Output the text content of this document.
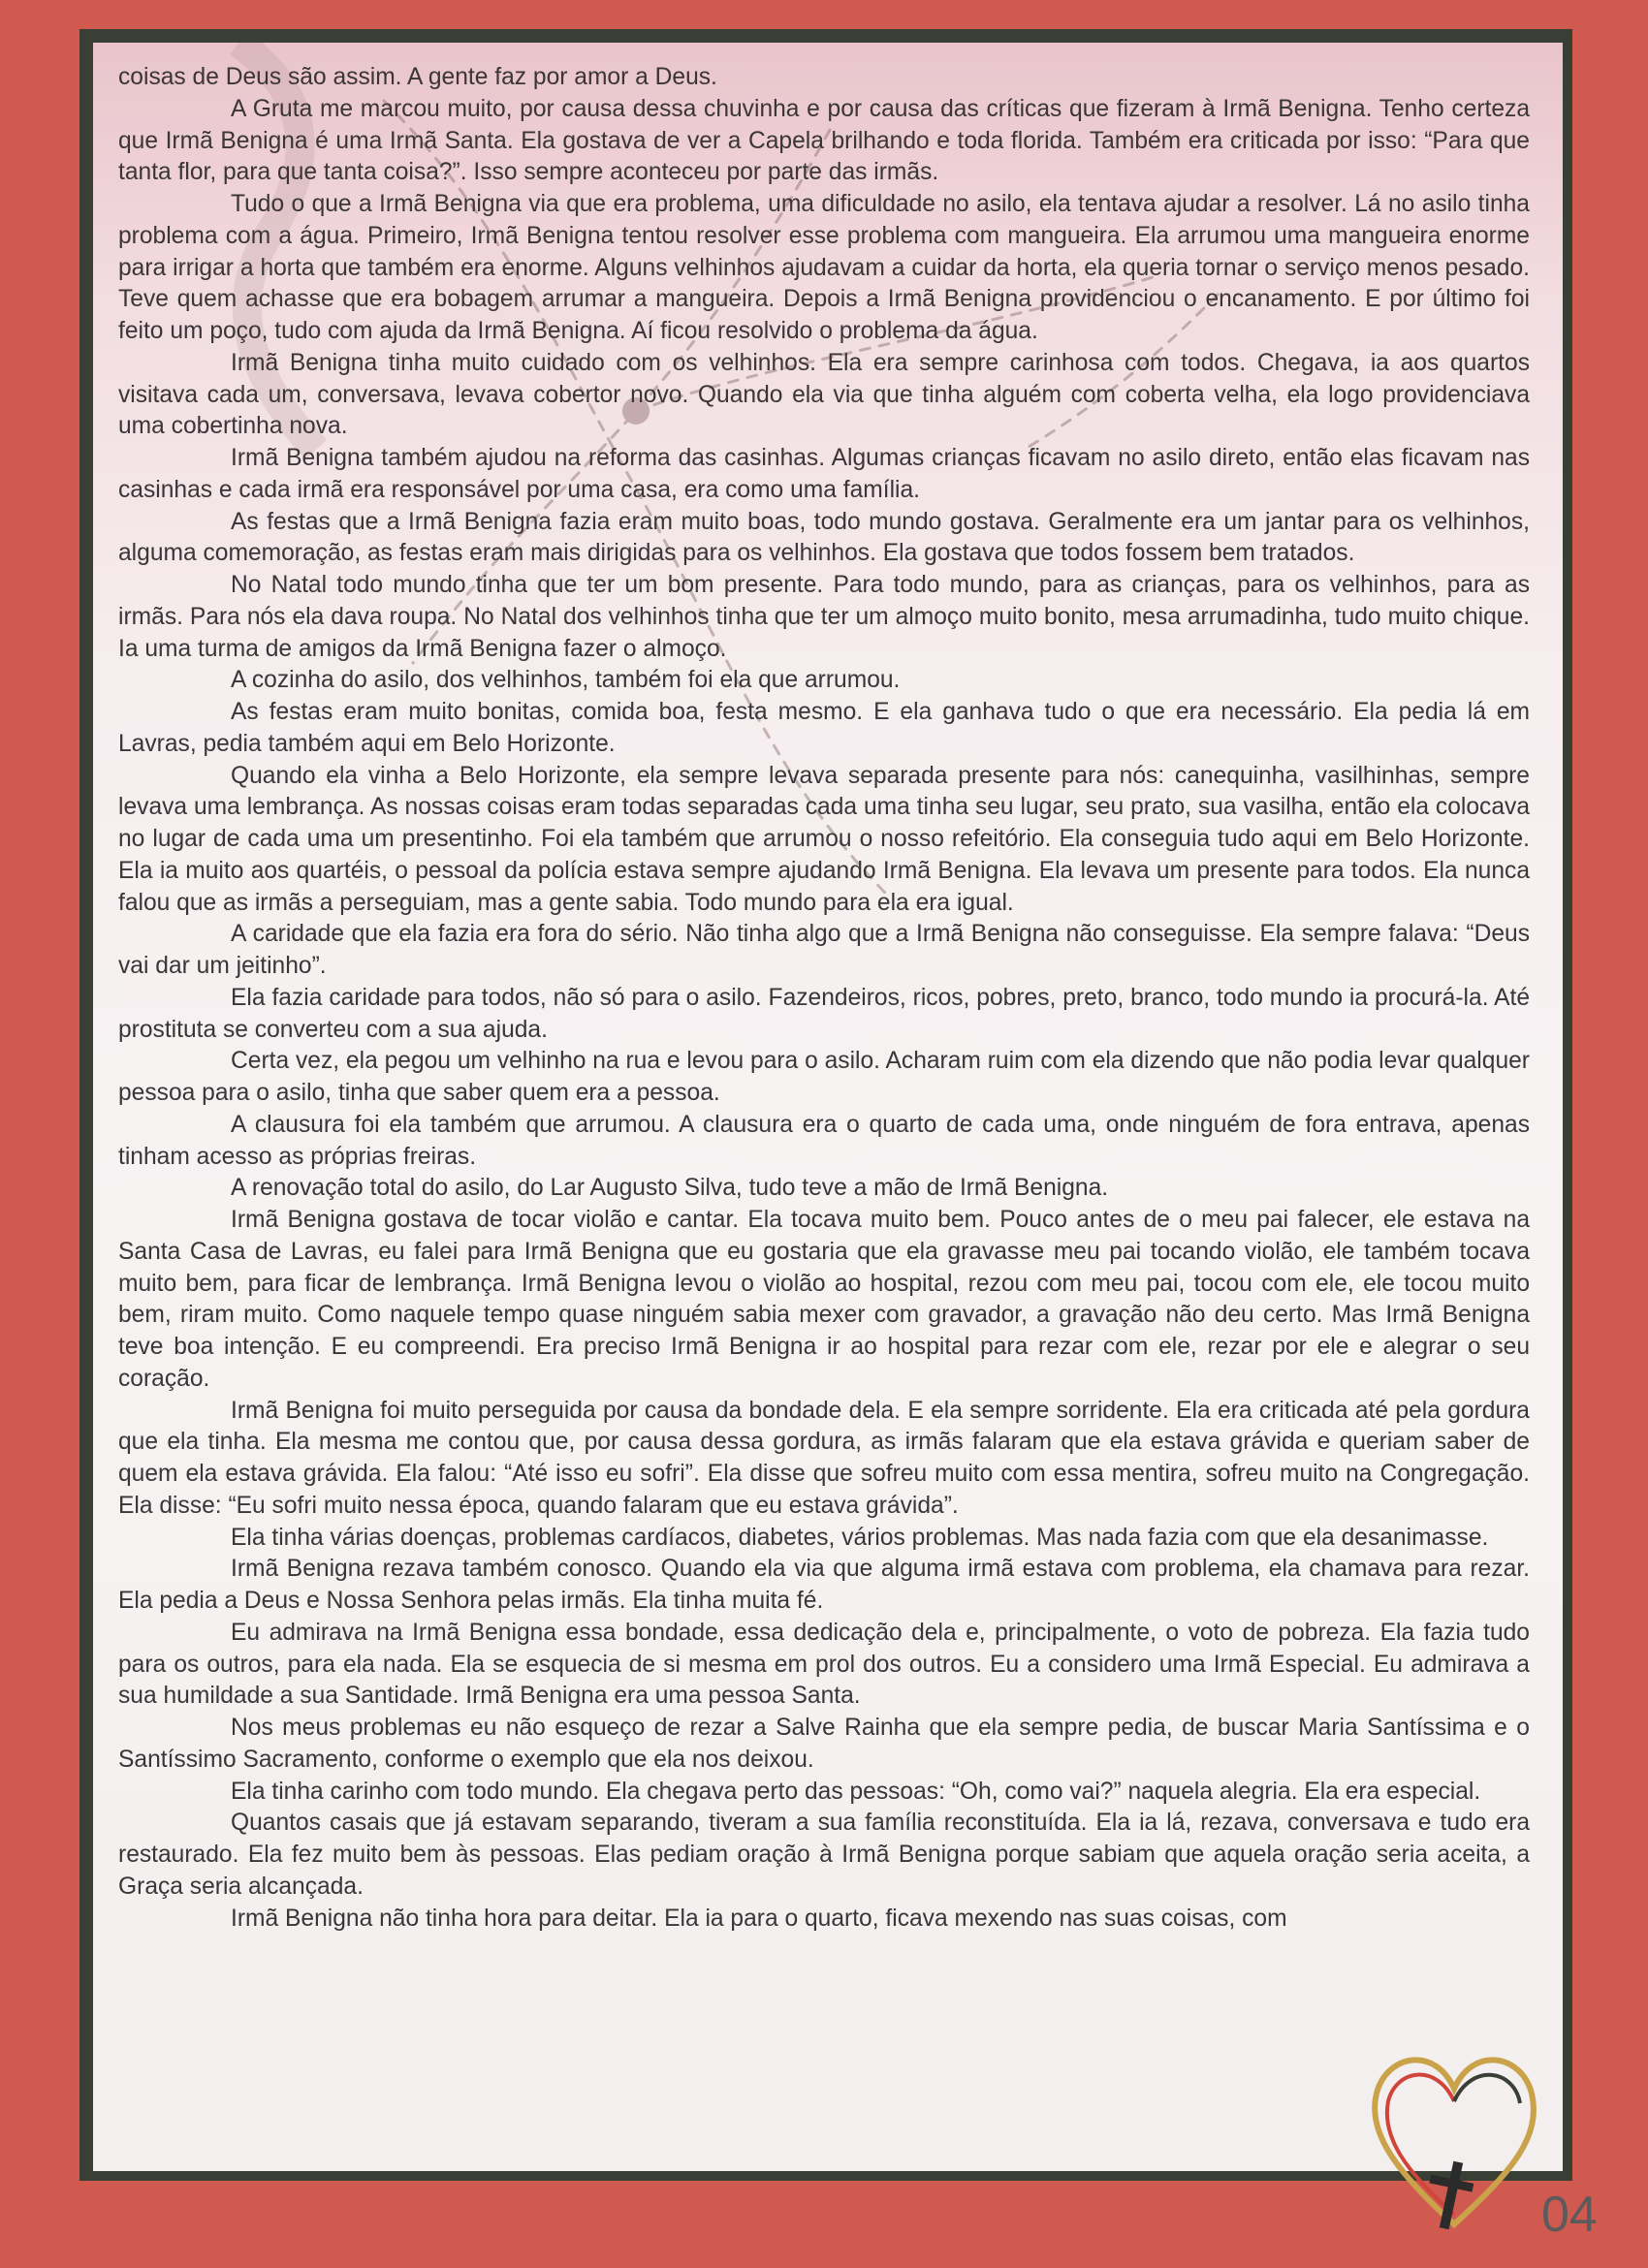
coisas de Deus são assim. A gente faz por amor a Deus.

A Gruta me marcou muito, por causa dessa chuvinha e por causa das críticas que fizeram à Irmã Benigna. Tenho certeza que Irmã Benigna é uma Irmã Santa. Ela gostava de ver a Capela brilhando e toda florida. Também era criticada por isso: “Para que tanta flor, para que tanta coisa?”. Isso sempre aconteceu por parte das irmãs.

Tudo o que a Irmã Benigna via que era problema, uma dificuldade no asilo, ela tentava ajudar a resolver. Lá no asilo tinha problema com a água. Primeiro, Irmã Benigna tentou resolver esse problema com mangueira. Ela arrumou uma mangueira enorme para irrigar a horta que também era enorme. Alguns velhinhos ajudavam a cuidar da horta, ela queria tornar o serviço menos pesado. Teve quem achasse que era bobagem arrumar a mangueira. Depois a Irmã Benigna providenciou o encanamento. E por último foi feito um poço, tudo com ajuda da Irmã Benigna. Aí ficou resolvido o problema da água.

Irmã Benigna tinha muito cuidado com os velhinhos. Ela era sempre carinhosa com todos. Chegava, ia aos quartos visitava cada um, conversava, levava cobertor novo. Quando ela via que tinha alguém com coberta velha, ela logo providenciava uma cobertinha nova.

Irmã Benigna também ajudou na reforma das casinhas. Algumas crianças ficavam no asilo direto, então elas ficavam nas casinhas e cada irmã era responsável por uma casa, era como uma família.

As festas que a Irmã Benigna fazia eram muito boas, todo mundo gostava. Geralmente era um jantar para os velhinhos, alguma comemoração, as festas eram mais dirigidas para os velhinhos. Ela gostava que todos fossem bem tratados.

No Natal todo mundo tinha que ter um bom presente. Para todo mundo, para as crianças, para os velhinhos, para as irmãs. Para nós ela dava roupa. No Natal dos velhinhos tinha que ter um almoço muito bonito, mesa arrumadinha, tudo muito chique. Ia uma turma de amigos da Irmã Benigna fazer o almoço.

A cozinha do asilo, dos velhinhos, também foi ela que arrumou.

As festas eram muito bonitas, comida boa, festa mesmo. E ela ganhava tudo o que era necessário. Ela pedia lá em Lavras, pedia também aqui em Belo Horizonte.

Quando ela vinha a Belo Horizonte, ela sempre levava separada presente para nós: canequinha, vasilhinhas, sempre levava uma lembrança. As nossas coisas eram todas separadas cada uma tinha seu lugar, seu prato, sua vasilha, então ela colocava no lugar de cada uma um presentinho. Foi ela também que arrumou o nosso refeitório. Ela conseguia tudo aqui em Belo Horizonte. Ela ia muito aos quartéis, o pessoal da polícia estava sempre ajudando Irmã Benigna. Ela levava um presente para todos. Ela nunca falou que as irmãs a perseguiam, mas a gente sabia. Todo mundo para ela era igual.

A caridade que ela fazia era fora do sério. Não tinha algo que a Irmã Benigna não conseguisse. Ela sempre falava: “Deus vai dar um jeitinho”.

Ela fazia caridade para todos, não só para o asilo. Fazendeiros, ricos, pobres, preto, branco, todo mundo ia procurá-la. Até prostituta se converteu com a sua ajuda.

Certa vez, ela pegou um velhinho na rua e levou para o asilo. Acharam ruim com ela dizendo que não podia levar qualquer pessoa para o asilo, tinha que saber quem era a pessoa.

A clausura foi ela também que arrumou. A clausura era o quarto de cada uma, onde ninguém de fora entrava, apenas tinham acesso as próprias freiras.

A renovação total do asilo, do Lar Augusto Silva, tudo teve a mão de Irmã Benigna.

Irmã Benigna gostava de tocar violão e cantar. Ela tocava muito bem. Pouco antes de o meu pai falecer, ele estava na Santa Casa de Lavras, eu falei para Irmã Benigna que eu gostaria que ela gravasse meu pai tocando violão, ele também tocava muito bem, para ficar de lembrança. Irmã Benigna levou o violão ao hospital, rezou com meu pai, tocou com ele, ele tocou muito bem, riram muito. Como naquele tempo quase ninguém sabia mexer com gravador, a gravação não deu certo. Mas Irmã Benigna teve boa intenção. E eu compreendi. Era preciso Irmã Benigna ir ao hospital para rezar com ele, rezar por ele e alegrar o seu coração.

Irmã Benigna foi muito perseguida por causa da bondade dela. E ela sempre sorridente. Ela era criticada até pela gordura que ela tinha. Ela mesma me contou que, por causa dessa gordura, as irmãs falaram que ela estava grávida e queriam saber de quem ela estava grávida. Ela falou: “Até isso eu sofri”. Ela disse que sofreu muito com essa mentira, sofreu muito na Congregação. Ela disse: “Eu sofri muito nessa época, quando falaram que eu estava grávida”.

Ela tinha várias doenças, problemas cardíacos, diabetes, vários problemas. Mas nada fazia com que ela desanimasse.

Irmã Benigna rezava também conosco. Quando ela via que alguma irmã estava com problema, ela chamava para rezar. Ela pedia a Deus e Nossa Senhora pelas irmãs. Ela tinha muita fé.

Eu admirava na Irmã Benigna essa bondade, essa dedicação dela e, principalmente, o voto de pobreza. Ela fazia tudo para os outros, para ela nada. Ela se esquecia de si mesma em prol dos outros. Eu a considero uma Irmã Especial. Eu admirava a sua humildade a sua Santidade. Irmã Benigna era uma pessoa Santa.

Nos meus problemas eu não esqueço de rezar a Salve Rainha que ela sempre pedia, de buscar Maria Santíssima e o Santíssimo Sacramento, conforme o exemplo que ela nos deixou.

Ela tinha carinho com todo mundo. Ela chegava perto das pessoas: “Oh, como vai?” naquela alegria. Ela era especial.

Quantos casais que já estavam separando, tiveram a sua família reconstituída. Ela ia lá, rezava, conversava e tudo era restaurado. Ela fez muito bem às pessoas. Elas pediam oração à Irmã Benigna porque sabiam que aquela oração seria aceita, a Graça seria alcançada.

Irmã Benigna não tinha hora para deitar. Ela ia para o quarto, ficava mexendo nas suas coisas, com

04
